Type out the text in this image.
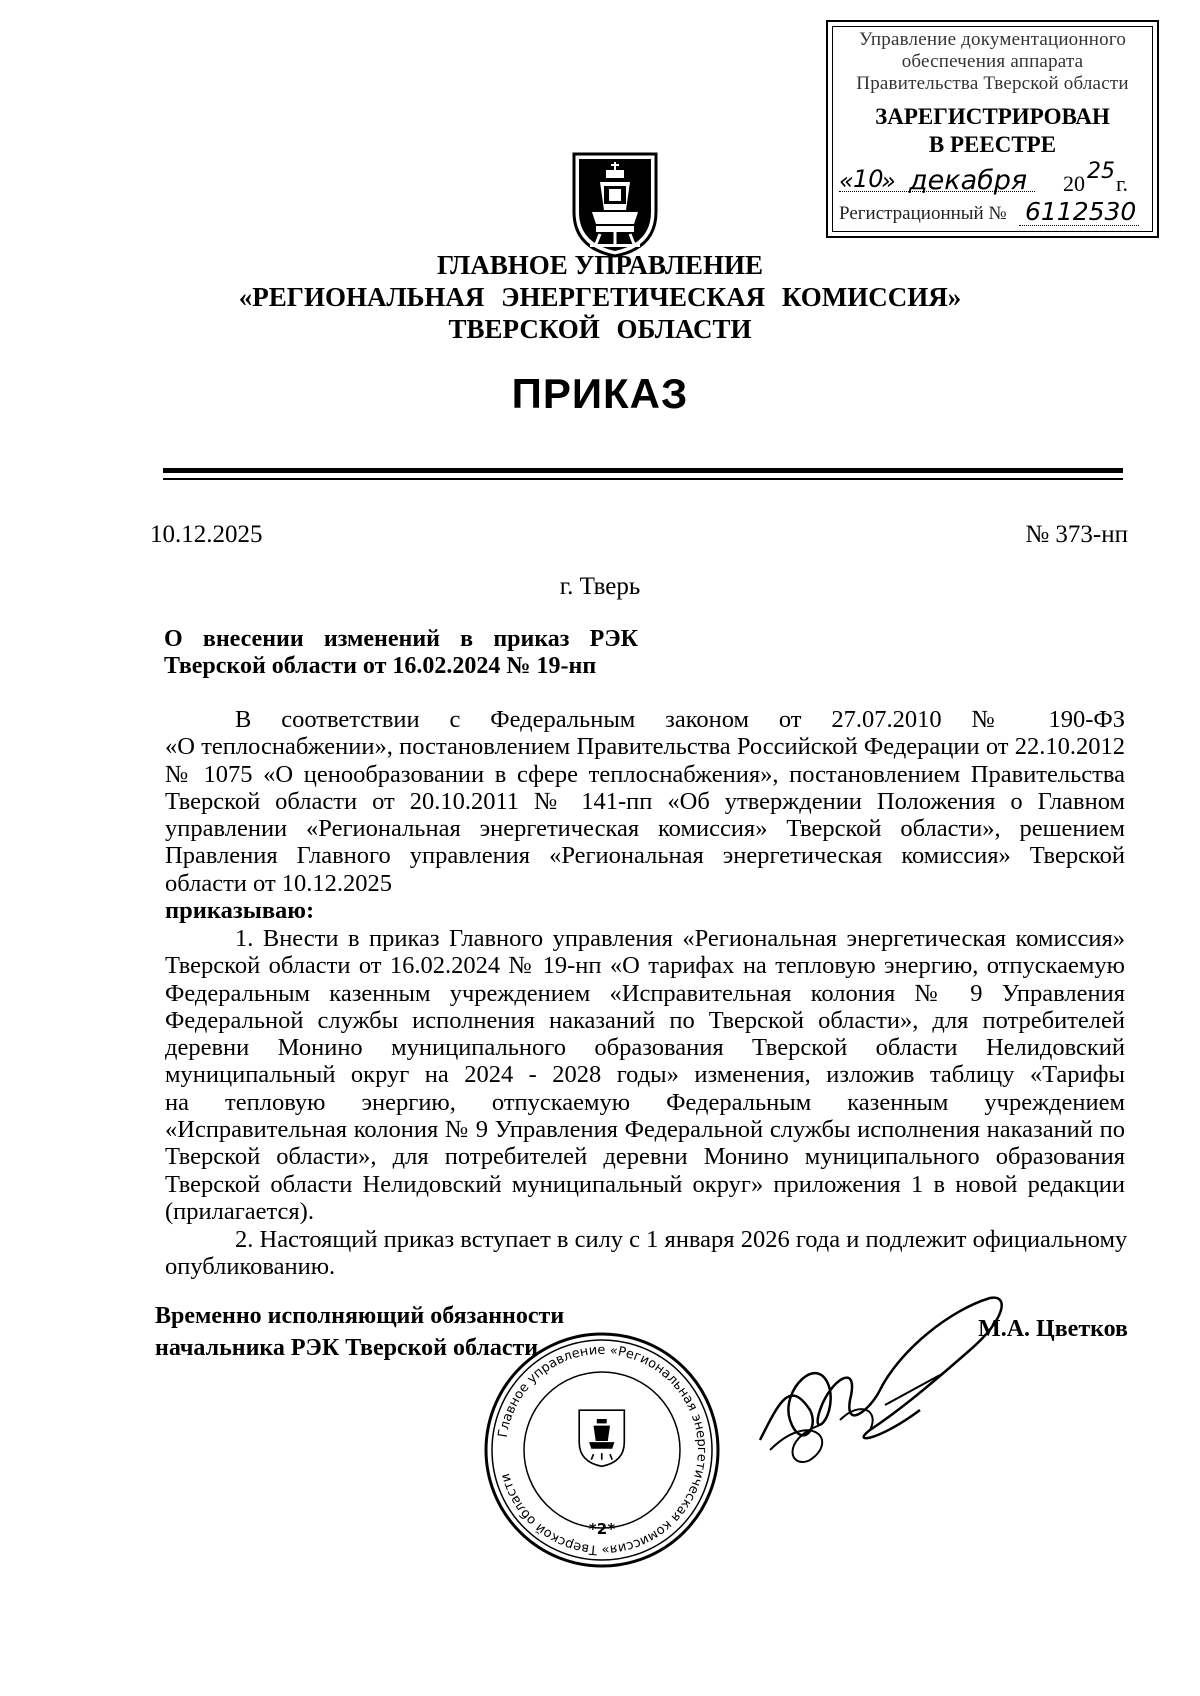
Управление документационного
обеспечения аппарата
Правительства Тверской области
ЗАРЕГИСТРИРОВАН
В РЕЕСТРЕ
« 10
» декабря 20 25 г.
Регистрационный № 6112530
ГЛАВНОЕ УПРАВЛЕНИЕ
«РЕГИОНАЛЬНАЯ ЭНЕРГЕТИЧЕСКАЯ КОМИССИЯ»
ТВЕРСКОЙ ОБЛАСТИ
ПРИКАЗ
10.12.2025	№ 373-нп
г. Тверь
О внесении изменений в приказ РЭК
Тверской области от 16.02.2024 № 19-нп
В соответствии с Федеральным законом от 27.07.2010 № 190-ФЗ
«О теплоснабжении», постановлением Правительства Российской Федерации от 22.10.2012
№ 1075 «О ценообразовании в сфере теплоснабжения», постановлением Правительства
Тверской области от 20.10.2011 № 141-пп «Об утверждении Положения о Главном
управлении «Региональная энергетическая комиссия» Тверской области», решением
Правления Главного управления «Региональная энергетическая комиссия» Тверской
области от 10.12.2025
приказываю:
1. Внести в приказ Главного управления «Региональная энергетическая комиссия»
Тверской области от 16.02.2024 № 19-нп «О тарифах на тепловую энергию, отпускаемую
Федеральным казенным учреждением «Исправительная колония № 9 Управления
Федеральной службы исполнения наказаний по Тверской области», для потребителей
деревни Монино муниципального образования Тверской области Нелидовский
муниципальный округ на 2024 - 2028 годы» изменения, изложив таблицу «Тарифы
на тепловую энергию, отпускаемую Федеральным казенным учреждением
«Исправительная колония № 9 Управления Федеральной службы исполнения наказаний по
Тверской области», для потребителей деревни Монино муниципального образования
Тверской области Нелидовский муниципальный округ» приложения 1 в новой редакции
(прилагается).
2. Настоящий приказ вступает в силу с 1 января 2026 года и подлежит официальному
опубликованию.
Главное управление «Региональная энергетическая комиссия» Тверской области
*2*
Временно исполняющий обязанности
начальника РЭК Тверской области
М.А. Цветков
